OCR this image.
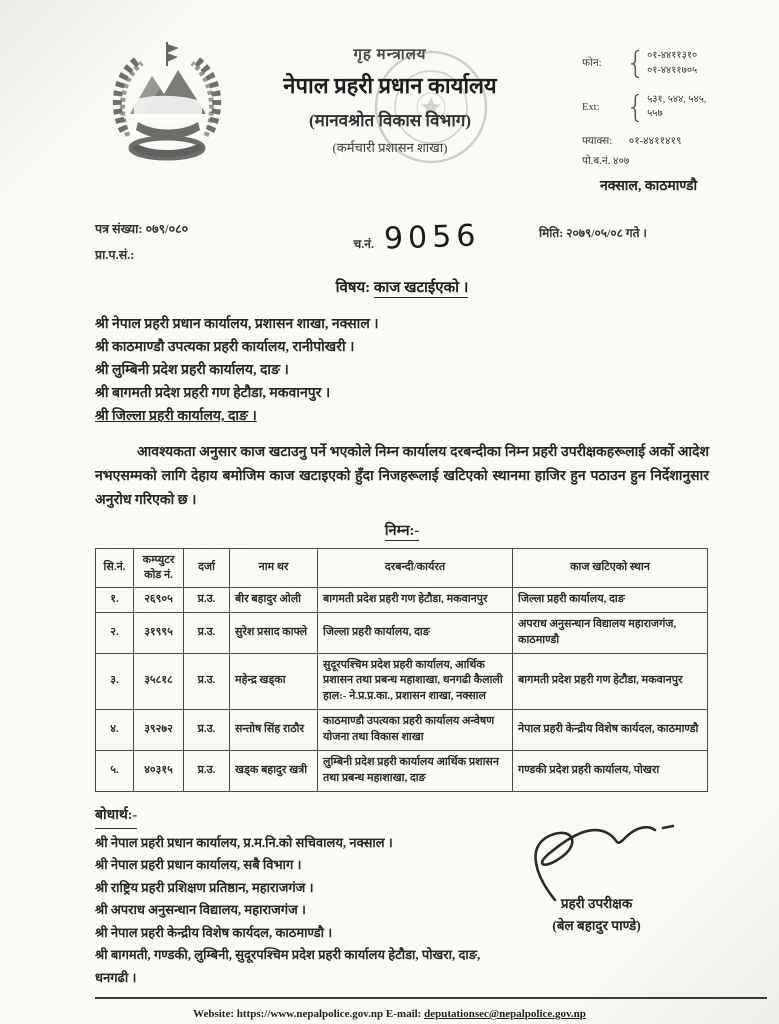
गृह मन्त्रालय
नेपाल प्रहरी प्रधान कार्यालय
(मानवश्रोत विकास विभाग)
(कर्मचारी प्रशासन शाखा)
फोन: { ०१-४४११३१०
०१-४४११७०५
Ext: { ५३१, ५४४, ५४५,
५५७
फ्याक्स: ०१-४४११४१९
पो.ब.नं. ४०७
नक्साल, काठमाण्डौ
पत्र संख्या: ०७९/०८०
प्रा.प.सं.:
च.नं. 9056	मिति: २०७९/०५/०८ गते ।
विषय: काज खटाईएको ।
श्री नेपाल प्रहरी प्रधान कार्यालय, प्रशासन शाखा, नक्साल ।
श्री काठमाण्डौ उपत्यका प्रहरी कार्यालय, रानीपोखरी ।
श्री लुम्बिनी प्रदेश प्रहरी कार्यालय, दाङ ।
श्री बागमती प्रदेश प्रहरी गण हेटौडा, मकवानपुर ।
श्री जिल्ला प्रहरी कार्यालय, दाङ ।
आवश्यकता अनुसार काज खटाउनु पर्ने भएकोले निम्न कार्यालय दरबन्दीका निम्न प्रहरी उपरीक्षकहरूलाई अर्को आदेश नभएसम्मको लागि देहाय बमोजिम काज खटाइएको हुँदा निजहरूलाई खटिएको स्थानमा हाजिर हुन पठाउन हुन निर्देशानुसार अनुरोध गरिएको छ ।
निम्न:-
सि.नं.	कम्प्युटर कोड नं.	दर्जा	नाम थर	दरबन्दी/कार्यरत	काज खटिएको स्थान
१.	२६९०५	प्र.उ.	बीर बहादुर ओली	बागमती प्रदेश प्रहरी गण हेटौडा, मकवानपुर	जिल्ला प्रहरी कार्यालय, दाङ
२.	३१९९५	प्र.उ.	सुरेश प्रसाद काफ्ले	जिल्ला प्रहरी कार्यालय, दाङ	अपराध अनुसन्धान विद्यालय महाराजगंज, काठमाण्डौ
३.	३५८१८	प्र.उ.	महेन्द्र खड्का	सुदूरपश्चिम प्रदेश प्रहरी कार्यालय, आर्थिक प्रशासन तथा प्रबन्ध महाशाखा, धनगढी कैलाली हाल:- ने.प्र.प्र.का., प्रशासन शाखा, नक्साल	बागमती प्रदेश प्रहरी गण हेटौडा, मकवानपुर
४.	३९२७२	प्र.उ.	सन्तोष सिंह राठौर	काठमाण्डौ उपत्यका प्रहरी कार्यालय अन्वेषण योजना तथा विकास शाखा	नेपाल प्रहरी केन्द्रीय विशेष कार्यदल, काठमाण्डौ
५.	४०३१५	प्र.उ.	खड्क बहादुर खत्री	लुम्बिनी प्रदेश प्रहरी कार्यालय आर्थिक प्रशासन तथा प्रबन्ध महाशाखा, दाङ	गण्डकी प्रदेश प्रहरी कार्यालय, पोखरा
बोधार्थ:-
श्री नेपाल प्रहरी प्रधान कार्यालय, प्र.म.नि.को सचिवालय, नक्साल ।
श्री नेपाल प्रहरी प्रधान कार्यालय, सबै विभाग ।
श्री राष्ट्रिय प्रहरी प्रशिक्षण प्रतिष्ठान, महाराजगंज ।
श्री अपराध अनुसन्धान विद्यालय, महाराजगंज ।
श्री नेपाल प्रहरी केन्द्रीय विशेष कार्यदल, काठमाण्डौ ।
श्री बागमती, गण्डकी, लुम्बिनी, सुदूरपश्चिम प्रदेश प्रहरी कार्यालय हेटौडा, पोखरा, दाङ, धनगढी ।
प्रहरी उपरीक्षक
(बेल बहादुर पाण्डे)
Website: https://www.nepalpolice.gov.np E-mail: deputationsec@nepalpolice.gov.np
